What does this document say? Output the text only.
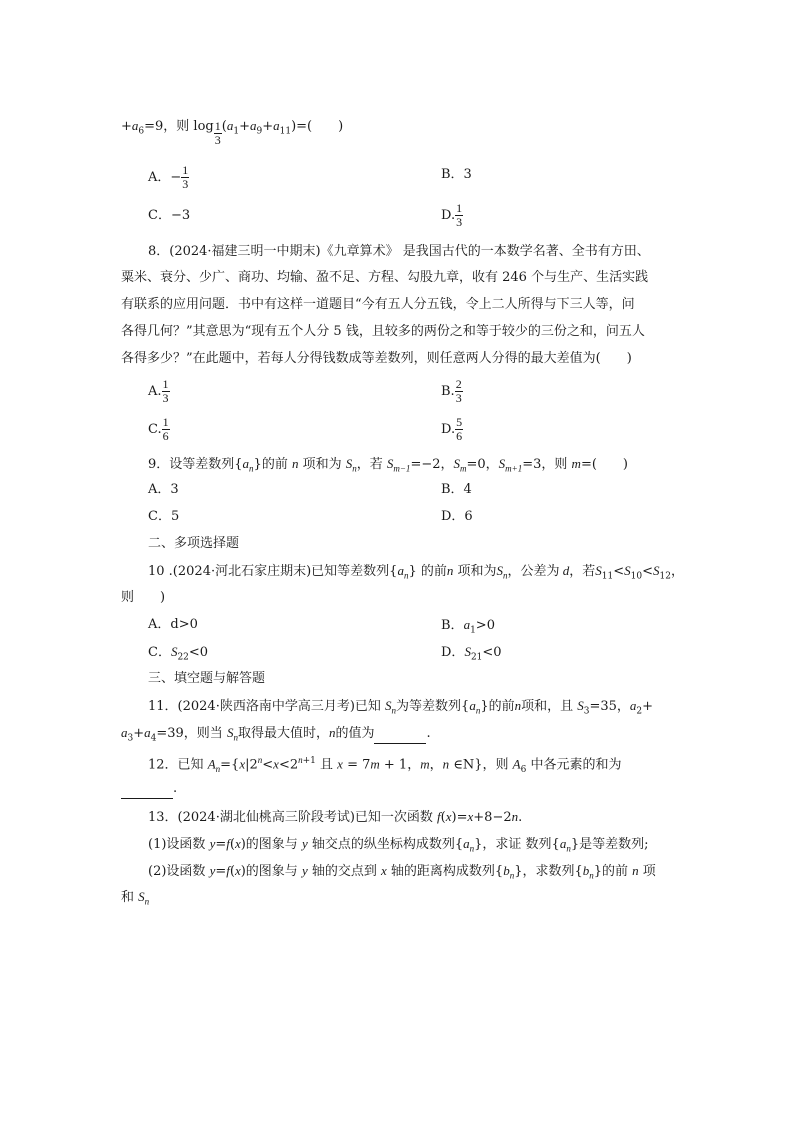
$+a_6=9$，则 $\log \frac{1}{3} (a_1+a_9+a_{11})=$(　　)
A．− $\frac{1}{3}$	B．3
C．−3	D. $\frac{1}{3}$
8．(2024·福建三明一中期末)《九章算术》 是我国古代的一本数学名著、全书有方田、
粟米、衰分、少广、商功、均输、盈不足、方程、勾股九章，收有 246 个与生产、生活实践
有联系的应用问题．书中有这样一道题目“今有五人分五钱，令上二人所得与下三人等，问
各得几何？”其意思为“现有五个人分 5 钱，且较多的两份之和等于较少的三份之和，问五人
各得多少？”在此题中，若每人分得钱数成等差数列，则任意两人分得的最大差值为(　　)
A. $\frac{1}{3}$	B. $\frac{2}{3}$
C. $\frac{1}{6}$	D. $\frac{5}{6}$
9．设等差数列$\{a_n\}$的前 n 项和为 $S_n$，若 $S_{m-1}=-2$，$S_m=0$，$S_{m+1}=3$，则 m=(　　)
A．3	B．4
C．5	D．6
二、多项选择题
10 .(2024·河北石家庄期末)已知等差数列$\{a_n\}$ 的前n 项和为$S_n$，公差为 d，若$S_{11}<S_{10}<S_{12}$，
则　　)
A．d>0	B．$a_1>0$
C．$S_{22}<0$	D．$S_{21}<0$
三、填空题与解答题
11．(2024·陕西洛南中学高三月考)已知 $S_n$为等差数列$\{a_n\}$的前n项和，且 $S_3=35$，$a_2+$
$a_3+a_4=39$，则当 $S_n$取得最大值时，n的值为	.
12．已知 $A_n=\{x|2^n<x<2^{n+1}$ 且 x = 7m + 1，m，n ∈N}，则 $A_6$ 中各元素的和为
.
13．(2024·湖北仙桃高三阶段考试)已知一次函数 f(x)=x+8−2n.
(1)设函数 y=f(x)的图象与 y 轴交点的纵坐标构成数列$\{a_n\}$，求证 数列$\{a_n\}$是等差数列;
(2)设函数 y=f(x)的图象与 y 轴的交点到 x 轴的距离构成数列$\{b_n\}$，求数列$\{b_n\}$的前 n 项
和 $S_n$
